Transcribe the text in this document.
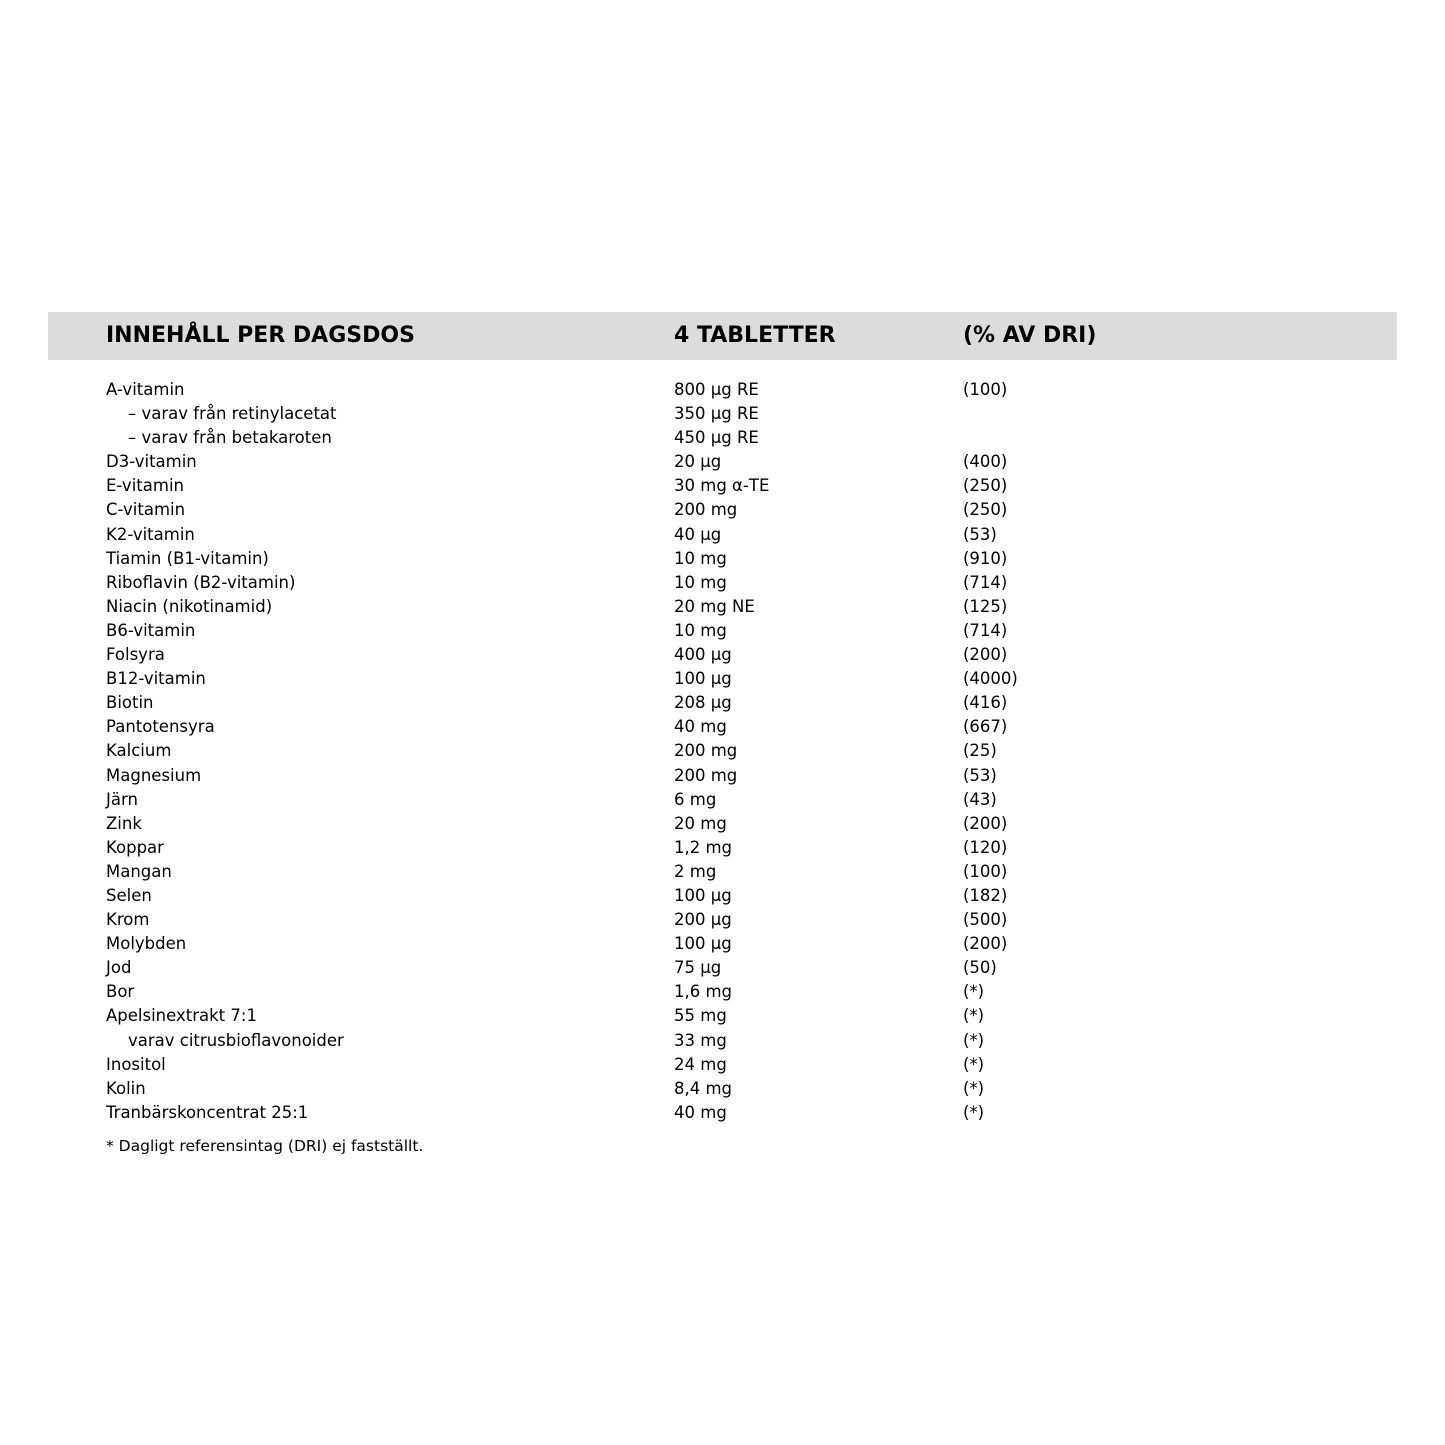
INNEHÅLL PER DAGSDOS	4 TABLETTER	(% AV DRI)
A-vitamin	800 µg RE	(100)
– varav från retinylacetat	350 µg RE
– varav från betakaroten	450 µg RE
D3-vitamin	20 µg	(400)
E-vitamin	30 mg α-TE	(250)
C-vitamin	200 mg	(250)
K2-vitamin	40 µg	(53)
Tiamin (B1-vitamin)	10 mg	(910)
Riboflavin (B2-vitamin)	10 mg	(714)
Niacin (nikotinamid)	20 mg NE	(125)
B6-vitamin	10 mg	(714)
Folsyra	400 µg	(200)
B12-vitamin	100 µg	(4000)
Biotin	208 µg	(416)
Pantotensyra	40 mg	(667)
Kalcium	200 mg	(25)
Magnesium	200 mg	(53)
Järn	6 mg	(43)
Zink	20 mg	(200)
Koppar	1,2 mg	(120)
Mangan	2 mg	(100)
Selen	100 µg	(182)
Krom	200 µg	(500)
Molybden	100 µg	(200)
Jod	75 µg	(50)
Bor	1,6 mg	(*)
Apelsinextrakt 7:1	55 mg	(*)
varav citrusbioflavonoider	33 mg	(*)
Inositol	24 mg	(*)
Kolin	8,4 mg	(*)
Tranbärskoncentrat 25:1	40 mg	(*)
* Dagligt referensintag (DRI) ej fastställt.
